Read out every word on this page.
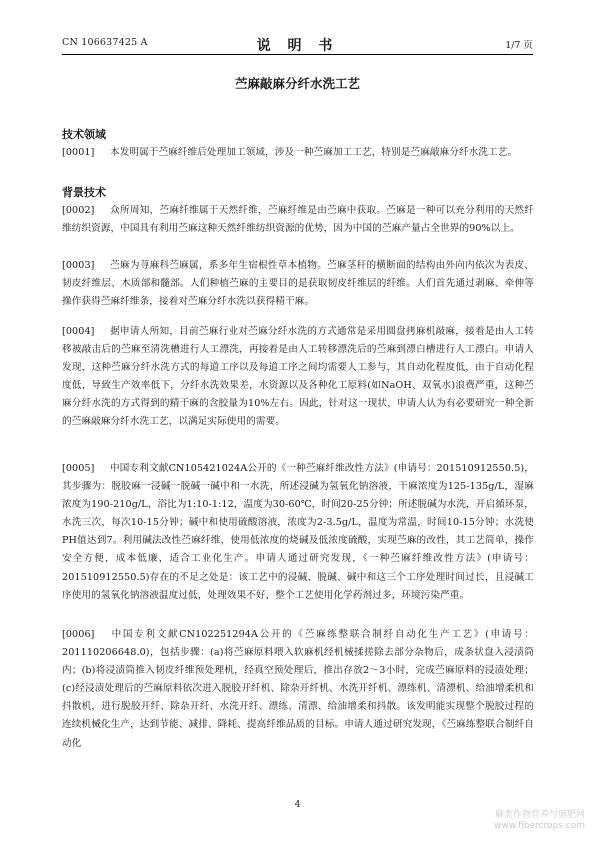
CN 106637425 A	说 明 书	1/7 页
苎麻敲麻分纤水洗工艺
技术领域
[0001] 本发明属于苎麻纤维后处理加工领域，涉及一种苎麻加工工艺，特别是苎麻敲麻分纤水洗工艺。
背景技术
[0002] 众所周知，苎麻纤维属于天然纤维，苎麻纤维是由苎麻中获取。苎麻是一种可以充分利用的天然纤维纺织资源，中国具有利用苎麻这种天然纤维纺织资源的优势，因为中国的苎麻产量占全世界的90%以上。
[0003] 苎麻为荨麻科苎麻属，系多年生宿根性草本植物。苎麻茎秆的横断面的结构由外向内依次为表皮、韧皮纤维层、木质部和髓部。人们种植苎麻的主要目的是获取韧皮纤维层的纤维。人们首先通过剥麻、牵伸等操作获得苎麻纤维条，接着对苎麻分纤水洗以获得精干麻。
[0004] 据申请人所知，目前苎麻行业对苎麻分纤水洗的方式通常是采用圆盘拷麻机敲麻，接着是由人工转移被敲击后的苎麻至清洗槽进行人工漂洗，再接着是由人工转移漂洗后的苎麻到漂白槽进行人工漂白。申请人发现，这种苎麻分纤水洗方式的每道工序以及每道工序之间均需要人工参与，其自动化程度低，由于自动化程度低，导致生产效率低下，分纤水洗效果差，水资源以及各种化工原料(如NaOH、双氧水)浪费严重，这种苎麻分纤水洗的方式得到的精干麻的含胶量为10%左右。因此，针对这一现状，申请人认为有必要研究一种全新的苎麻敲麻分纤水洗工艺，以满足实际使用的需要。
[0005] 中国专利文献CN105421024A公开的《一种苎麻纤维改性方法》(申请号：201510912550.5)，其步骤为：脱胶麻一浸碱一脱碱一碱中和一水洗，所述浸碱为氢氧化钠溶液，干麻浓度为125-135g/L，湿麻浓度为190-210g/L，浴比为1:10-1:12，温度为30-60℃，时间20-25分钟；所述脱碱为水洗，开启循环泵，水洗三次，每次10-15分钟；碱中和使用硫酸溶液，浓度为2-3.5g/L，温度为常温，时间10-15分钟；水洗使PH值达到7。利用碱法改性苎麻纤维，使用低浓度的烧碱及低浓度硫酸，实现苎麻的改性，其工艺简单，操作安全方便，成本低廉，适合工业化生产。申请人通过研究发现，《一种苎麻纤维改性方法》(申请号：201510912550.5)存在的不足之处是：该工艺中的浸碱、脱碱、碱中和这三个工序处理时间过长，且浸碱工序使用的氢氧化钠溶液温度过低，处理效果不好，整个工艺使用化学药剂过多，环境污染严重。
[0006] 中国专利文献CN102251294A公开的《苎麻练整联合制纤自动化生产工艺》(申请号：201110206648.0)，包括步骤：(a)将苎麻原料喂入软麻机经机械揉搓除去部分杂物后，成条状盘入浸渍筒内；(b)将浸渍筒推入韧皮纤维预处理机，经真空预处理后，推出存放2～3小时，完成苎麻原料的浸渍处理；(c)经浸渍处理后的苎麻原料依次进入脱胶开纤机、除杂开纤机、水洗开纤机、漂练机、清漂机、给油增柔机和抖散机，进行脱胶开纤、除杂开纤、水洗开纤、漂练、清漂、给油增柔和抖散。该发明能实现整个脱胶过程的连续机械化生产，达到节能、减排、降耗、提高纤维品质的目标。申请人通过研究发现，《苎麻练整联合制纤自动化
4
麻类作物营养与施肥网
www.fibercrops.com
